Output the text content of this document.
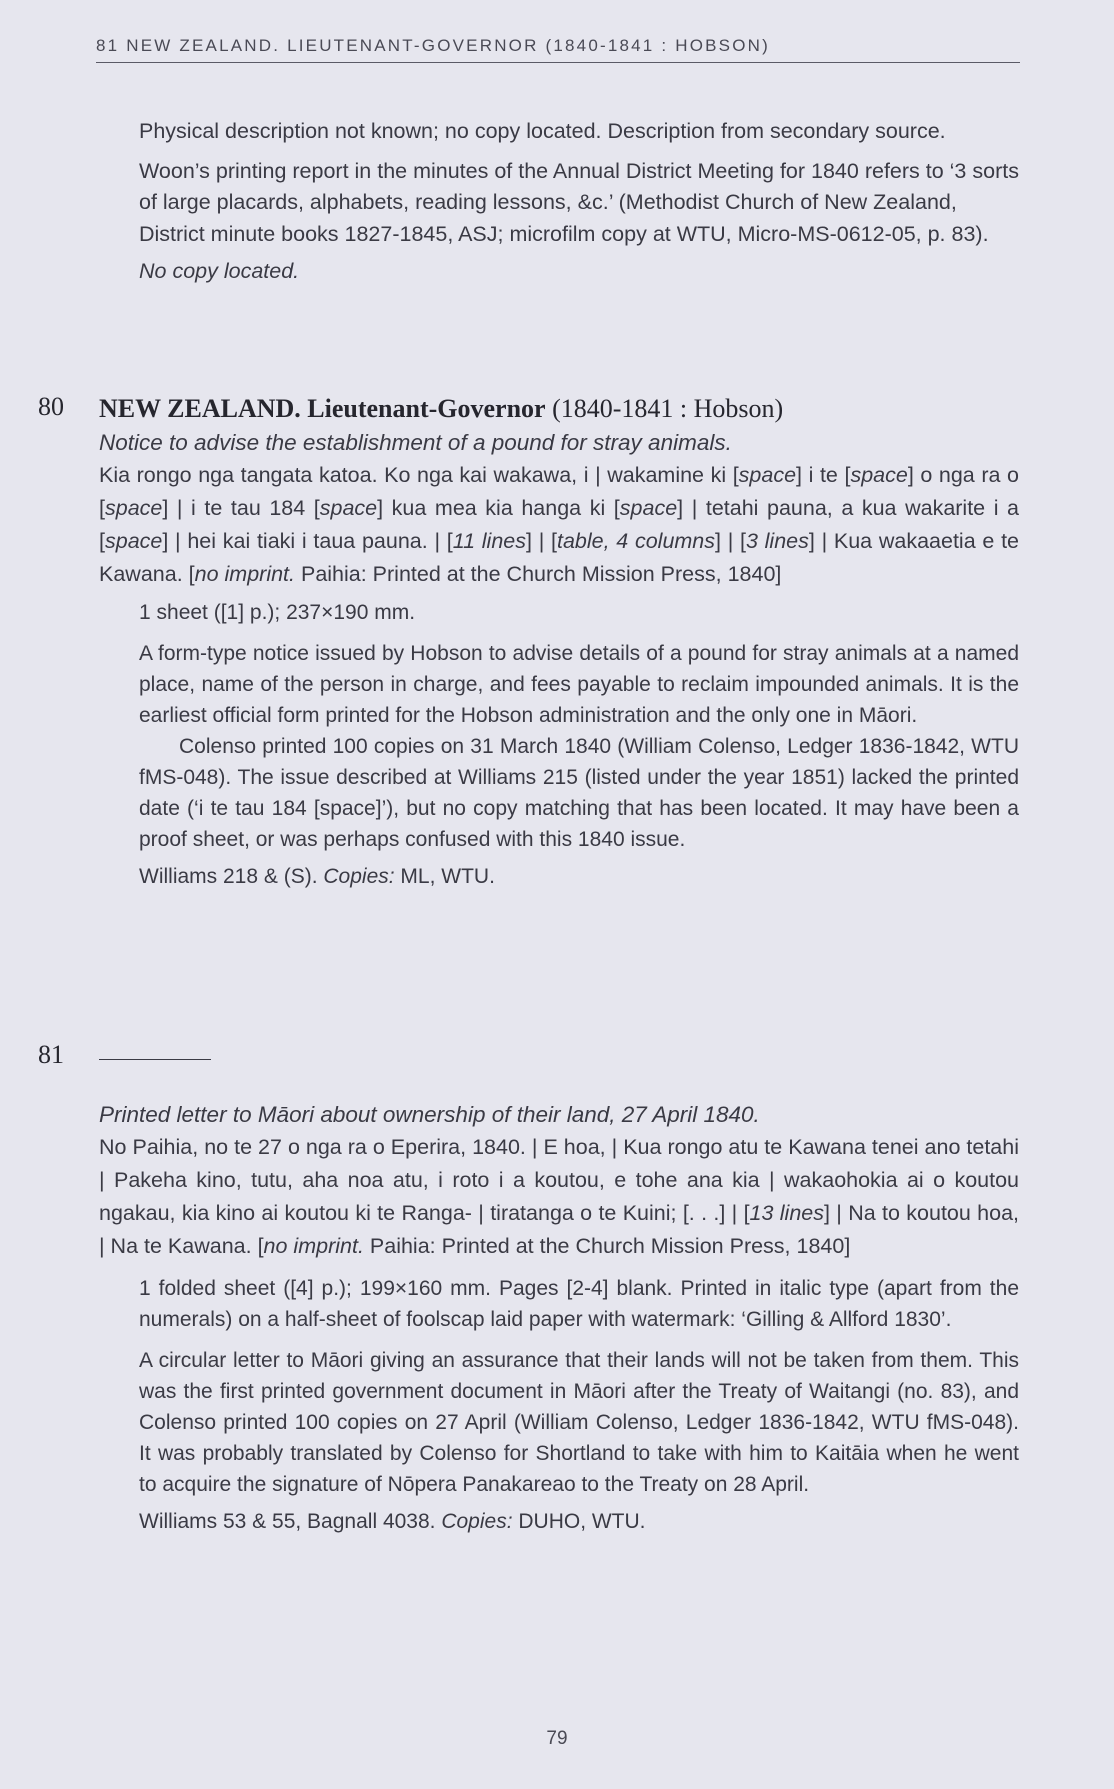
81 NEW ZEALAND. LIEUTENANT-GOVERNOR (1840-1841 : HOBSON)

Physical description not known; no copy located. Description from secondary source.

Woon’s printing report in the minutes of the Annual District Meeting for 1840 refers to ‘3 sorts of large placards, alphabets, reading lessons, &c.’ (Methodist Church of New Zealand, District minute books 1827-1845, ASJ; microfilm copy at WTU, Micro-MS-0612-05, p. 83).

No copy located.

80 NEW ZEALAND. Lieutenant-Governor (1840-1841 : Hobson)

Notice to advise the establishment of a pound for stray animals.

Kia rongo nga tangata katoa. Ko nga kai wakawa, i | wakamine ki [space] i te [space] o nga ra o [space] | i te tau 184 [space] kua mea kia hanga ki [space] | tetahi pauna, a kua wakarite i a [space] | hei kai tiaki i taua pauna. | [11 lines] | [table, 4 columns] | [3 lines] | Kua wakaaetia e te Kawana. [no imprint. Paihia: Printed at the Church Mission Press, 1840]

1 sheet ([1] p.); 237×190 mm.

A form-type notice issued by Hobson to advise details of a pound for stray animals at a named place, name of the person in charge, and fees payable to reclaim impounded animals. It is the earliest official form printed for the Hobson administration and the only one in Māori.

Colenso printed 100 copies on 31 March 1840 (William Colenso, Ledger 1836-1842, WTU fMS-048). The issue described at Williams 215 (listed under the year 1851) lacked the printed date (‘i te tau 184 [space]’), but no copy matching that has been located. It may have been a proof sheet, or was perhaps confused with this 1840 issue.

Williams 218 & (S). Copies: ML, WTU.

81

Printed letter to Māori about ownership of their land, 27 April 1840.

No Paihia, no te 27 o nga ra o Eperira, 1840. | E hoa, | Kua rongo atu te Kawana tenei ano tetahi | Pakeha kino, tutu, aha noa atu, i roto i a koutou, e tohe ana kia | wakaohokia ai o koutou ngakau, kia kino ai koutou ki te Ranga- | tiratanga o te Kuini; [. . .] | [13 lines] | Na to koutou hoa, | Na te Kawana. [no imprint. Paihia: Printed at the Church Mission Press, 1840]

1 folded sheet ([4] p.); 199×160 mm. Pages [2-4] blank. Printed in italic type (apart from the numerals) on a half-sheet of foolscap laid paper with watermark: ‘Gilling & Allford 1830’.

A circular letter to Māori giving an assurance that their lands will not be taken from them. This was the first printed government document in Māori after the Treaty of Waitangi (no. 83), and Colenso printed 100 copies on 27 April (William Colenso, Ledger 1836-1842, WTU fMS-048). It was probably translated by Colenso for Shortland to take with him to Kaitāia when he went to acquire the signature of Nōpera Panakareao to the Treaty on 28 April.

Williams 53 & 55, Bagnall 4038. Copies: DUHO, WTU.

79
